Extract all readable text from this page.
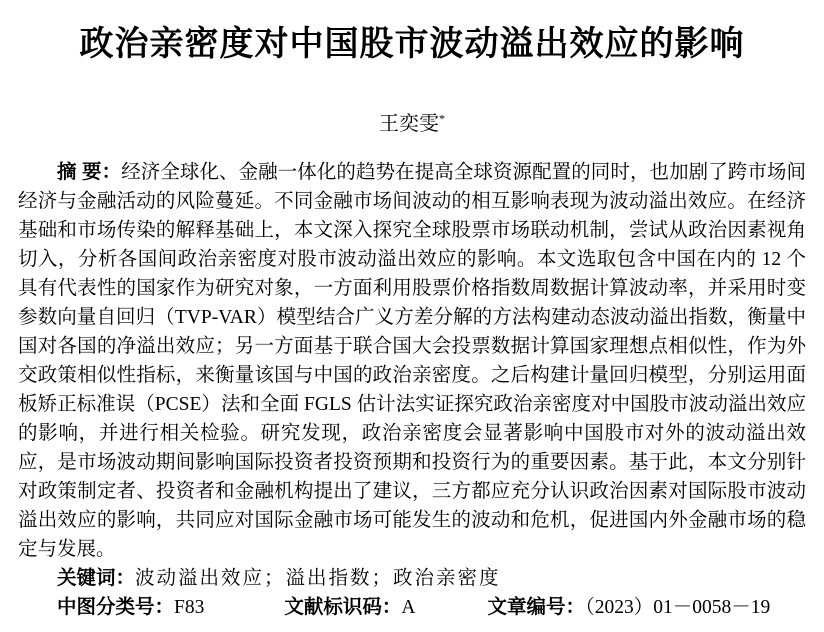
政治亲密度对中国股市波动溢出效应的影响
王奕雯*

摘 要：经济全球化、金融一体化的趋势在提高全球资源配置的同时，也加剧了跨市场间经济与金融活动的风险蔓延。不同金融市场间波动的相互影响表现为波动溢出效应。在经济基础和市场传染的解释基础上，本文深入探究全球股票市场联动机制，尝试从政治因素视角切入，分析各国间政治亲密度对股市波动溢出效应的影响。本文选取包含中国在内的 12 个具有代表性的国家作为研究对象，一方面利用股票价格指数周数据计算波动率，并采用时变参数向量自回归（TVP-VAR）模型结合广义方差分解的方法构建动态波动溢出指数，衡量中国对各国的净溢出效应；另一方面基于联合国大会投票数据计算国家理想点相似性，作为外交政策相似性指标，来衡量该国与中国的政治亲密度。之后构建计量回归模型，分别运用面板矫正标准误（PCSE）法和全面 FGLS 估计法实证探究政治亲密度对中国股市波动溢出效应的影响，并进行相关检验。研究发现，政治亲密度会显著影响中国股市对外的波动溢出效应，是市场波动期间影响国际投资者投资预期和投资行为的重要因素。基于此，本文分别针对政策制定者、投资者和金融机构提出了建议，三方都应充分认识政治因素对国际股市波动溢出效应的影响，共同应对国际金融市场可能发生的波动和危机，促进国内外金融市场的稳定与发展。

关键词：波动溢出效应；溢出指数；政治亲密度

中图分类号：F83	文献标识码：A	文章编号：（2023）01－0058－19
